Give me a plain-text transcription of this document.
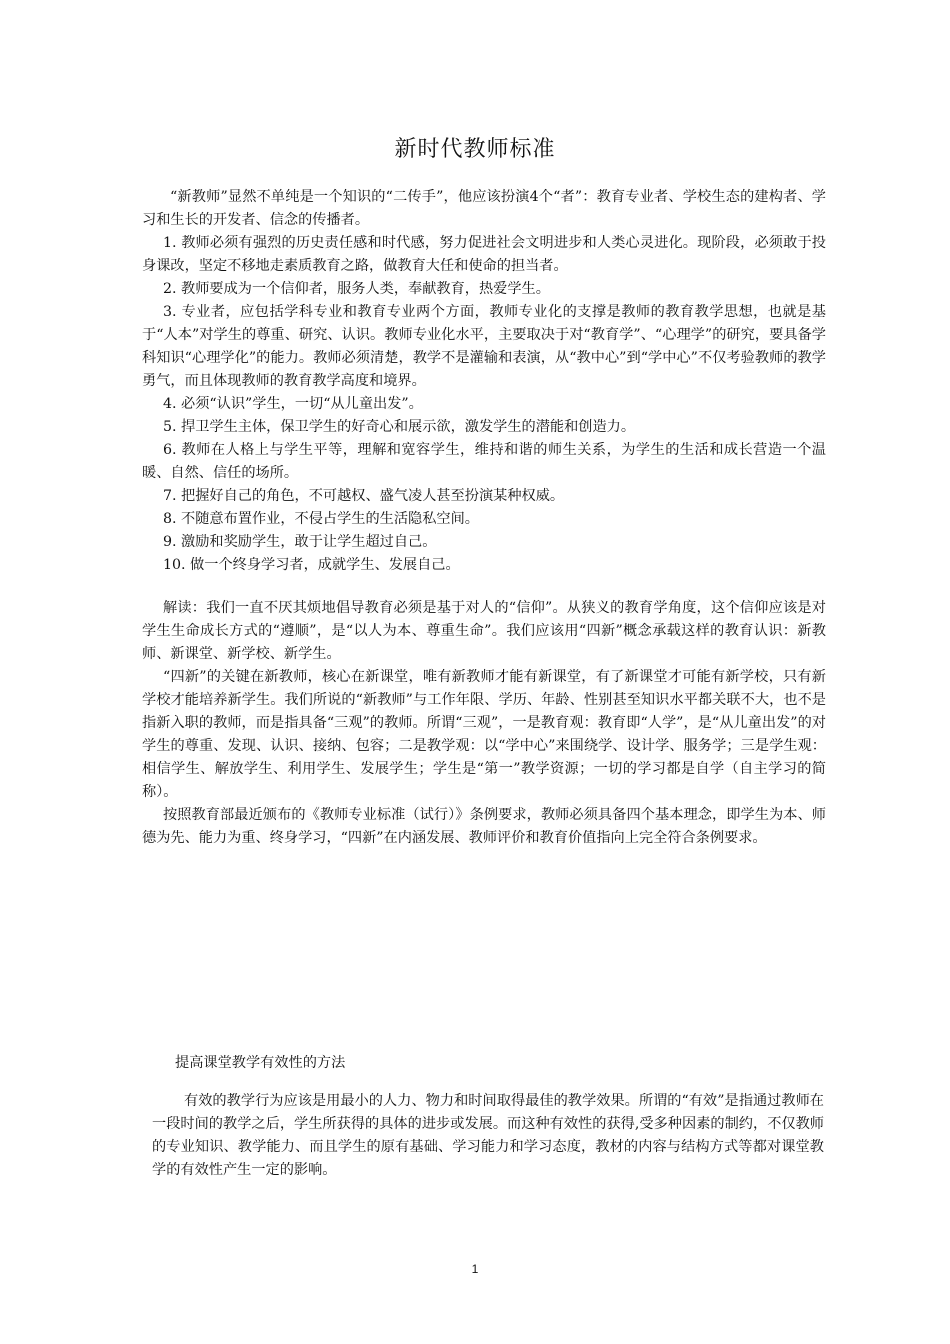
新时代教师标准

“新教师”显然不单纯是一个知识的“二传手”，他应该扮演4个“者”：教育专业者、学校生态的建构者、学习和生长的开发者、信念的传播者。

1. 教师必须有强烈的历史责任感和时代感，努力促进社会文明进步和人类心灵进化。现阶段，必须敢于投身课改，坚定不移地走素质教育之路，做教育大任和使命的担当者。

2. 教师要成为一个信仰者，服务人类，奉献教育，热爱学生。

3. 专业者，应包括学科专业和教育专业两个方面，教师专业化的支撑是教师的教育教学思想，也就是基于“人本”对学生的尊重、研究、认识。教师专业化水平，主要取决于对“教育学”、“心理学”的研究，要具备学科知识“心理学化”的能力。教师必须清楚，教学不是灌输和表演，从“教中心”到“学中心”不仅考验教师的教学勇气，而且体现教师的教育教学高度和境界。

4. 必须“认识”学生，一切“从儿童出发”。

5. 捍卫学生主体，保卫学生的好奇心和展示欲，激发学生的潜能和创造力。

6. 教师在人格上与学生平等，理解和宽容学生，维持和谐的师生关系，为学生的生活和成长营造一个温暖、自然、信任的场所。

7. 把握好自己的角色，不可越权、盛气凌人甚至扮演某种权威。

8. 不随意布置作业，不侵占学生的生活隐私空间。

9. 激励和奖励学生，敢于让学生超过自己。

10. 做一个终身学习者，成就学生、发展自己。

解读：我们一直不厌其烦地倡导教育必须是基于对人的“信仰”。从狭义的教育学角度，这个信仰应该是对学生生命成长方式的“遵顺”，是“以人为本、尊重生命”。我们应该用“四新”概念承载这样的教育认识：新教师、新课堂、新学校、新学生。

“四新”的关键在新教师，核心在新课堂，唯有新教师才能有新课堂，有了新课堂才可能有新学校，只有新学校才能培养新学生。我们所说的“新教师”与工作年限、学历、年龄、性别甚至知识水平都关联不大，也不是指新入职的教师，而是指具备“三观”的教师。所谓“三观”，一是教育观：教育即“人学”，是“从儿童出发”的对学生的尊重、发现、认识、接纳、包容；二是教学观：以“学中心”来围绕学、设计学、服务学；三是学生观：相信学生、解放学生、利用学生、发展学生；学生是“第一”教学资源；一切的学习都是自学（自主学习的简称）。

按照教育部最近颁布的《教师专业标准（试行）》条例要求，教师必须具备四个基本理念，即学生为本、师德为先、能力为重、终身学习，“四新”在内涵发展、教师评价和教育价值指向上完全符合条例要求。

提高课堂教学有效性的方法

有效的教学行为应该是用最小的人力、物力和时间取得最佳的教学效果。所谓的“有效”是指通过教师在一段时间的教学之后，学生所获得的具体的进步或发展。而这种有效性的获得,受多种因素的制约，不仅教师的专业知识、教学能力、而且学生的原有基础、学习能力和学习态度，教材的内容与结构方式等都对课堂教学的有效性产生一定的影响。

1
